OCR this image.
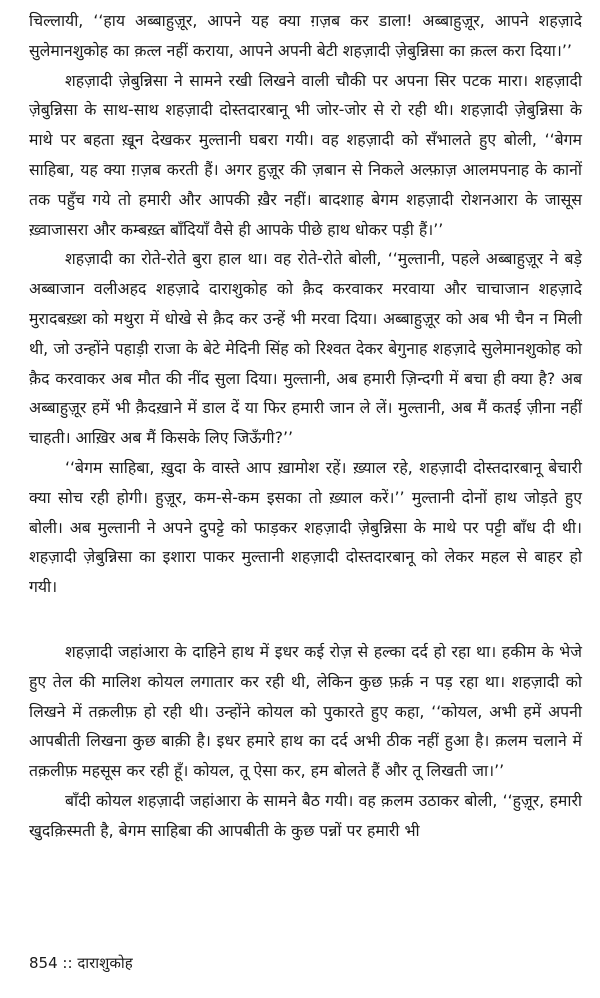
चिल्लायी, ‘‘हाय अब्बाहुज़ूर, आपने यह क्या ग़ज़ब कर डाला! अब्बाहुज़ूर, आपने शहज़ादे सुलेमानशुकोह का क़त्ल नहीं कराया, आपने अपनी बेटी शहज़ादी ज़ेबुन्निसा का क़त्ल करा दिया।’’

शहज़ादी ज़ेबुन्निसा ने सामने रखी लिखने वाली चौकी पर अपना सिर पटक मारा। शहज़ादी ज़ेबुन्निसा के साथ-साथ शहज़ादी दोस्तदारबानू भी जोर-जोर से रो रही थी। शहज़ादी ज़ेबुन्निसा के माथे पर बहता ख़ून देखकर मुल्तानी घबरा गयी। वह शहज़ादी को सँभालते हुए बोली, ‘‘बेगम साहिबा, यह क्या ग़ज़ब करती हैं। अगर हुज़ूर की ज़बान से निकले अल्फ़ाज़ आलमपनाह के कानों तक पहुँच गये तो हमारी और आपकी ख़ैर नहीं। बादशाह बेगम शहज़ादी रोशनआरा के जासूस ख़्वाजासरा और कम्बख़्त बाँदियाँ वैसे ही आपके पीछे हाथ धोकर पड़ी हैं।’’

शहज़ादी का रोते-रोते बुरा हाल था। वह रोते-रोते बोली, ‘‘मुल्तानी, पहले अब्बाहुज़ूर ने बड़े अब्बाजान वलीअहद शहज़ादे दाराशुकोह को क़ैद करवाकर मरवाया और चाचाजान शहज़ादे मुरादबख़्श को मथुरा में धोखे से क़ैद कर उन्हें भी मरवा दिया। अब्बाहुज़ूर को अब भी चैन न मिली थी, जो उन्होंने पहाड़ी राजा के बेटे मेदिनी सिंह को रिश्वत देकर बेगुनाह शहज़ादे सुलेमानशुकोह को क़ैद करवाकर अब मौत की नींद सुला दिया। मुल्तानी, अब हमारी ज़िन्दगी में बचा ही क्या है? अब अब्बाहुज़ूर हमें भी क़ैदख़ाने में डाल दें या फिर हमारी जान ले लें। मुल्तानी, अब मैं कतई ज़ीना नहीं चाहती। आख़िर अब मैं किसके लिए जिऊँगी?’’

‘‘बेगम साहिबा, ख़ुदा के वास्ते आप ख़ामोश रहें। ख़्याल रहे, शहज़ादी दोस्तदारबानू बेचारी क्या सोच रही होगी। हुज़ूर, कम-से-कम इसका तो ख़्याल करें।’’ मुल्तानी दोनों हाथ जोड़ते हुए बोली। अब मुल्तानी ने अपने दुपट्टे को फाड़कर शहज़ादी ज़ेबुन्निसा के माथे पर पट्टी बाँध दी थी। शहज़ादी ज़ेबुन्निसा का इशारा पाकर मुल्तानी शहज़ादी दोस्तदारबानू को लेकर महल से बाहर हो गयी।

शहज़ादी जहांआरा के दाहिने हाथ में इधर कई रोज़ से हल्का दर्द हो रहा था। हकीम के भेजे हुए तेल की मालिश कोयल लगातार कर रही थी, लेकिन कुछ फ़र्क़ न पड़ रहा था। शहज़ादी को लिखने में तक़लीफ़ हो रही थी। उन्होंने कोयल को पुकारते हुए कहा, ‘‘कोयल, अभी हमें अपनी आपबीती लिखना कुछ बाक़ी है। इधर हमारे हाथ का दर्द अभी ठीक नहीं हुआ है। क़लम चलाने में तक़लीफ़ महसूस कर रही हूँ। कोयल, तू ऐसा कर, हम बोलते हैं और तू लिखती जा।’’

बाँदी कोयल शहज़ादी जहांआरा के सामने बैठ गयी। वह क़लम उठाकर बोली, ‘‘हुज़ूर, हमारी खुदक़िस्मती है, बेगम साहिबा की आपबीती के कुछ पन्नों पर हमारी भी

854 :: दाराशुकोह
